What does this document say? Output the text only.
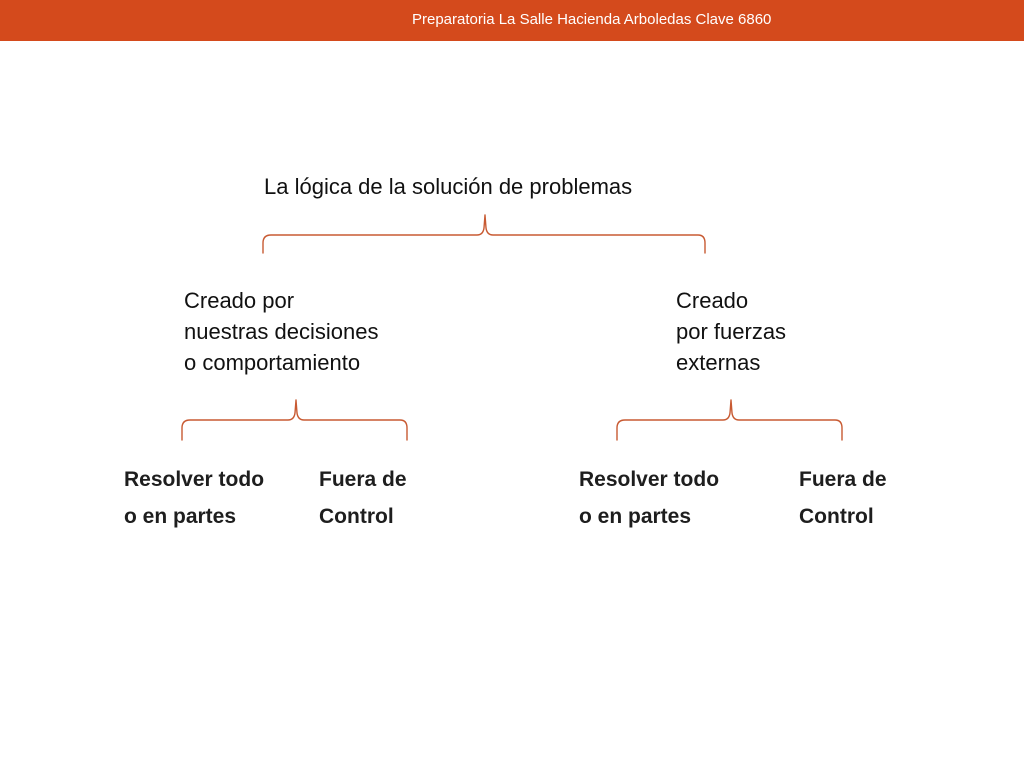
Preparatoria La Salle Hacienda Arboledas Clave 6860
La lógica de la solución de problemas
Creado por
nuestras decisiones
o comportamiento
Creado
por fuerzas
externas
Resolver todo
o en partes
Fuera de
Control
Resolver todo
o en partes
Fuera de
Control
